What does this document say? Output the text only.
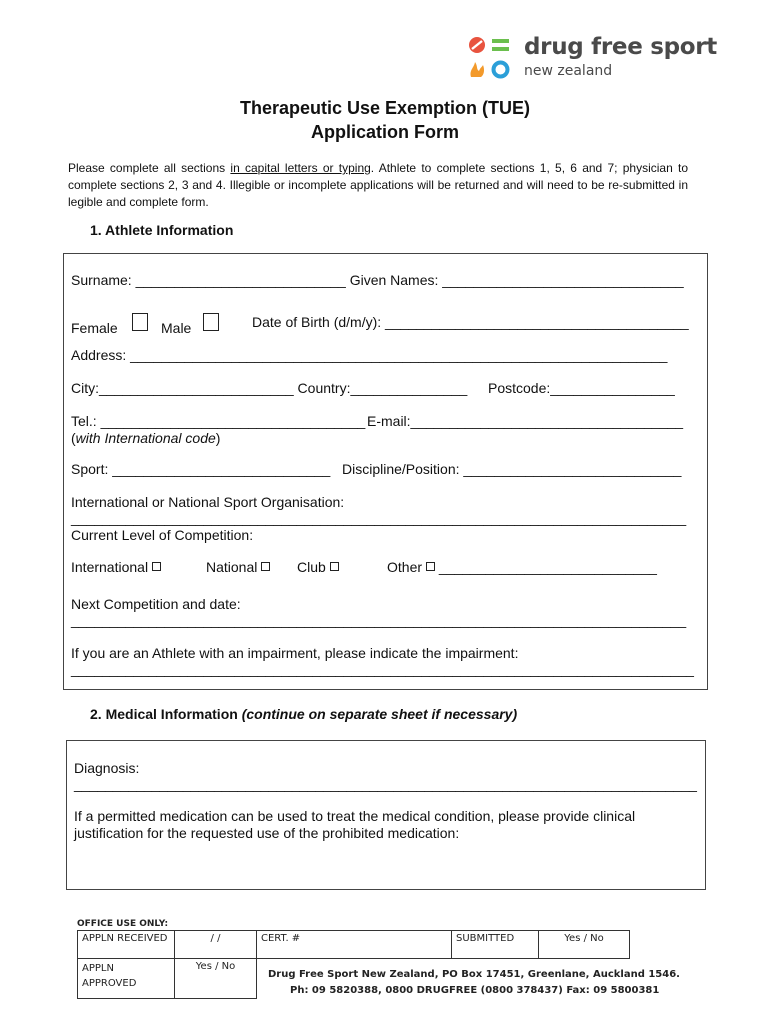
drug free sport
new zealand
Therapeutic Use Exemption (TUE)
Application Form
Please complete all sections in capital letters or typing. Athlete to complete sections 1, 5, 6 and 7; physician to complete sections 2, 3 and 4. Illegible or incomplete applications will be returned and will need to be re-submitted in legible and complete form.
1. Athlete Information
Surname: ___________________________ Given Names: _______________________________
Female	Male	Date of Birth (d/m/y): _______________________________________
Address: _____________________________________________________________________
City:_________________________ Country:_______________ Postcode:________________
Tel.: __________________________________ E-mail:___________________________________
(with International code)
Sport: ____________________________ Discipline/Position: ____________________________
International or National Sport Organisation:
_______________________________________________________________________________
Current Level of Competition:
International	National	Club	Other ____________________________
Next Competition and date:
_______________________________________________________________________________
If you are an Athlete with an impairment, please indicate the impairment:
________________________________________________________________________________
2. Medical Information (continue on separate sheet if necessary)
Diagnosis:
________________________________________________________________________________
If a permitted medication can be used to treat the medical condition, please provide clinical justification for the requested use of the prohibited medication:
OFFICE USE ONLY:
APPLN RECEIVED	/ /	CERT. #	SUBMITTED	Yes / No

APPLN
APPROVED	Yes / No			
Drug Free Sport New Zealand, PO Box 17451, Greenlane, Auckland 1546.
Ph: 09 5820388, 0800 DRUGFREE (0800 378437) Fax: 09 5800381
